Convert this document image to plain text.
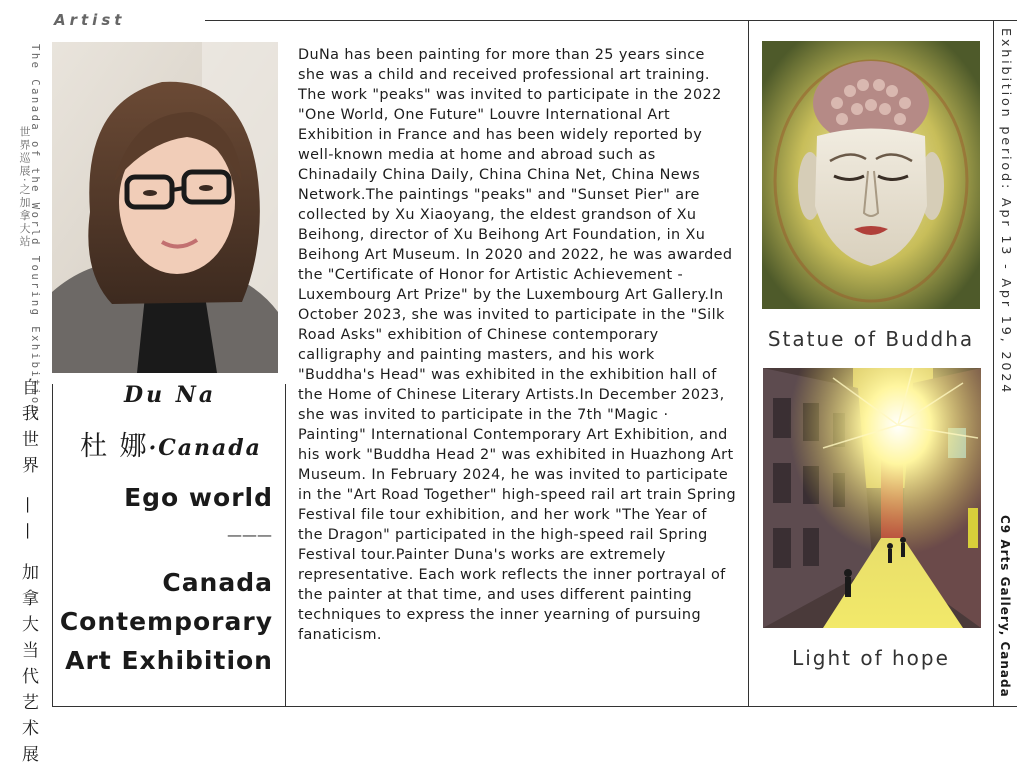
Artist
The Canada of the World Touring Exhibition
世界巡展·之加拿大站
自我世界 —— 加拿大当代艺术展	Du Na
杜 娜·Canada
Ego world
———
Canada
Contemporary
Art Exhibition
DuNa has been painting for more than 25 years since she was a child and received professional art training. The work "peaks" was invited to participate in the 2022 "One World, One Future" Louvre International Art Exhibition in France and has been widely reported by well-known media at home and abroad such as Chinadaily China Daily, China China Net, China News Network.The paintings "peaks" and "Sunset Pier" are collected by Xu Xiaoyang, the eldest grandson of Xu Beihong, director of Xu Beihong Art Foundation, in Xu Beihong Art Museum. In 2020 and 2022, he was awarded the "Certificate of Honor for Artistic Achievement - Luxembourg Art Prize" by the Luxembourg Art Gallery.In October 2023, she was invited to participate in the "Silk Road Asks" exhibition of Chinese contemporary calligraphy and painting masters, and his work "Buddha's Head" was exhibited in the exhibition hall of the Home of Chinese Literary Artists.In December 2023, she was invited to participate in the 7th "Magic · Painting" International Contemporary Art Exhibition, and his work "Buddha Head 2" was exhibited in Huazhong Art Museum. In February 2024, he was invited to participate in the "Art Road Together" high-speed rail art train Spring Festival file tour exhibition, and her work "The Year of the Dragon" participated in the high-speed rail Spring Festival tour.Painter Duna's works are extremely representative. Each work reflects the inner portrayal of the painter at that time, and uses different painting techniques to express the inner yearning of pursuing fanaticism.
Statue of Buddha
Light of hope
Exhibition period: Apr 13 - Apr 19, 2024
C9 Arts Gallery, Canada
